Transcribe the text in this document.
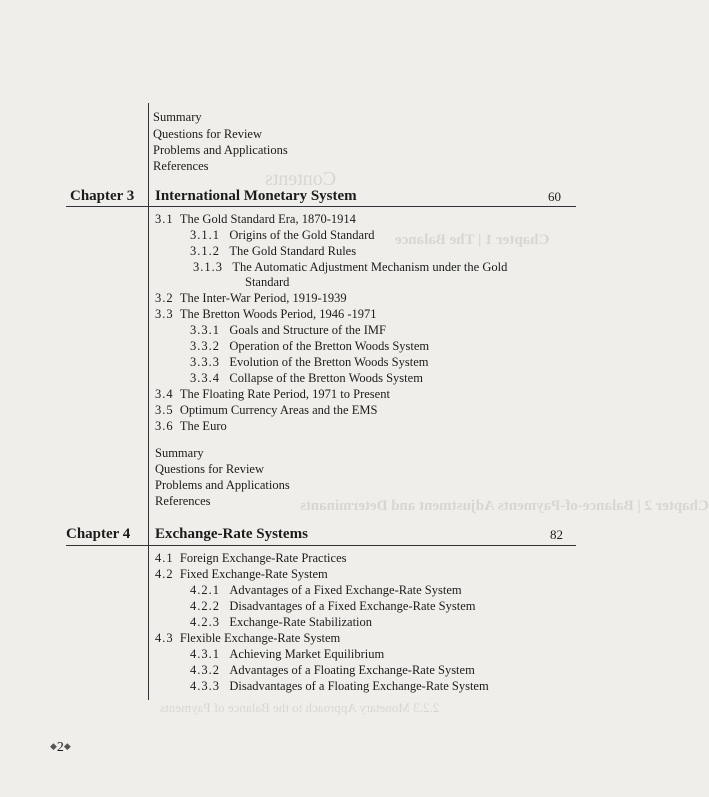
Contents
Chapter 1 | The Balance
Chapter 2 | Balance-of-Payments Adjustment and Determinants
2.2.3 Monetary Approach to the Balance of Payments
Summary
Questions for Review
Problems and Applications
References
Chapter 3 International Monetary System	60
3.1 The Gold Standard Era, 1870-1914
3.1.1 Origins of the Gold Standard
3.1.2 The Gold Standard Rules
3.1.3 The Automatic Adjustment Mechanism under the Gold
Standard
3.2 The Inter-War Period, 1919-1939
3.3 The Bretton Woods Period, 1946 -1971
3.3.1 Goals and Structure of the IMF
3.3.2 Operation of the Bretton Woods System
3.3.3 Evolution of the Bretton Woods System
3.3.4 Collapse of the Bretton Woods System
3.4 The Floating Rate Period, 1971 to Present
3.5 Optimum Currency Areas and the EMS
3.6 The Euro
Summary
Questions for Review
Problems and Applications
References
Chapter 4 Exchange-Rate Systems	82
4.1 Foreign Exchange-Rate Practices
4.2 Fixed Exchange-Rate System
4.2.1 Advantages of a Fixed Exchange-Rate System
4.2.2 Disadvantages of a Fixed Exchange-Rate System
4.2.3 Exchange-Rate Stabilization
4.3 Flexible Exchange-Rate System
4.3.1 Achieving Market Equilibrium
4.3.2 Advantages of a Floating Exchange-Rate System
4.3.3 Disadvantages of a Floating Exchange-Rate System
◆2◆
